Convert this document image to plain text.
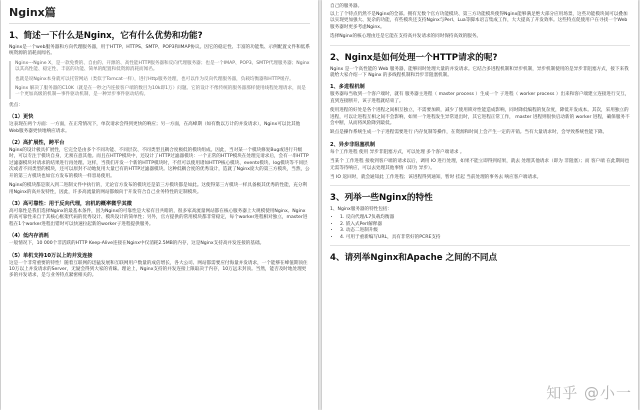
Nginx篇
1、简述一下什么是Nginx，它有什么优势和功能?

Nginx是一个web服务器和方向代理服务器，用于HTTP、HTTPS、SMTP、POP3和IMAP协议。因它的稳定性、丰富的功能集、示例配置文件和低系统资源的消耗而闻名。

Nginx---Ngine X，是一款免费的、自由的、开源的、高性能HTTP服务器和反向代理服务器；也是一个IMAP、POP3、SMTP代理服务器；Nginx以其高性能、稳定性、丰富的功能、简单的配置和低资源消耗而闻名。

也就是说Nginx本身就可以托管网站（类似于Tomcat一样），进行Http服务处理，也可以作为反向代理服务器，负载均衡器和HTTP缓存。

Nginx 解决了服务器的C10K（就是在一秒之内连接客户端的数目为10k即1万）问题。它的设计不像传统的服务器那样使用线程处理请求，而是一个更加高级的机制—事件驱动机制，是一种异步事件驱动结构。

优点：

（1）更快

这表现在两个方面：一方面，在正常情况下，单次请求会得到更快的响应；另一方面，在高峰期（如有数以万计的并发请求），Nginx可以比其他Web服务器更快地响应请求。

（2）高扩展性，跨平台

Nginx的设计极具扩展性，它完全是由多个不同功能、不同层次、不同类型且耦合度极低的模块组成。因此，当对某一个模块修复Bug或进行升级时，可以专注于模块自身，无须在意其他。而且在HTTP模块中，还设计了HTTP过滤器模块：一个正常的HTTP模块在处理完请求后，会有一串HTTP过滤器模块对请求的结果进行再处理。这样，当我们开发一个新的HTTP模块时，不但可以使用诸如HTTP核心模块、events模块、log模块等不同层次或者不同类型的模块，还可以原封不动地复用大量已有的HTTP过滤器模块。这种低耦合度的优秀设计，造就了Nginx庞大的第三方模块，当然，公开的第三方模块也如官方发布的模块一样容易使用。

Nginx的模块都是嵌入到二进制文件中执行的，无论官方发布的模块还是第三方模块都是如此。这使得第三方模块一样具备极其优秀的性能，充分利用Nginx的高并发特性，因此，许多高流量的网站都倾向于开发符合自己业务特性的定制模块。

（3）高可靠性：用于反向代理，宕机的概率微乎其微

高可靠性是我们选择Nginx的最基本条件，因为Nginx的可靠性是大家有目共睹的，很多家高流量网站都在核心服务器上大规模使用Nginx。Nginx的高可靠性来自于其核心框架代码的优秀设计、模块设计的简单性；另外，官方提供的常用模块都非常稳定，每个worker进程相对独立，master进程在1个worker进程出错时可以快速拉起新的worker子进程提供服务。

（4）低内存消耗

一般情况下，10 000个非活跃的HTTP Keep-Alive连接在Nginx中仅消耗2.5MB的内存，这是Nginx支持高并发连接的基础。

（5）单机支持10万以上的并发连接

这是一个非常重要的特性！随着互联网的迅猛发展和互联网用户数量的成倍增长，各大公司、网站都需要应付海量并发请求，一个能够在峰值期顶住10万以上并发请求的Server，无疑会得到大家的青睐。理论上，Nginx支持的并发连接上限取决于内存，10万远未封顶。当然，能否及时地处理更多的并发请求，是与业务特点紧密相关的。

自己的服务器。

以上了个特点仍然不是Nginx的全部。拥有无数个官方功能模块、第三方功能模块使得Nginx能够满足绝大部分应用场景，这些功能模块间可以叠加以实现更加强大、复杂的功能，有些模块还支持Nginx与Perl、Lua等脚本语言集成工作，大大提高了开发效率。这些特点促使用户在寻找一个Web服务器时更多考虑Nginx。

选择Nginx的核心理由还是它能在支持高并发请求的同时保持高效的服务。

2、Nginx是如何处理一个HTTP请求的呢?

Nginx 是一个高性能的 Web 服务器，能够同时处理大量的并发请求。它结合多进程机制和异步机制，异步机制使用的是异步非阻塞方式，接下来我就给大家介绍一下 Nginx 的多线程机制和异步非阻塞机制。

1、多进程机制

服务器每当收到一个客户端时，就有 服务器主进程（ master process ）生成一个 子进程（ worker process ）出来和客户端建立连接进行交互，直到连接断开，该子进程就结束了。

使用进程的好处是各个进程之间相互独立，不需要加锁，减少了使用锁对性能造成影响，同时降低编程的复杂度，降低开发成本。其次，采用独立的进程，可以让进程互相之间不会影响，如果一个进程发生异常退出时，其它进程正常工作， master 进程则很快启动新的 worker 进程，确保服务不会中断，从而将风险降到最低。

缺点是操作系统生成一个子进程需要进行 内存复制等操作，在资源和时间上会产生一定的开销。当有大量请求时，会导致系统性能下降。

2、异步非阻塞机制

每个工作进程 使用 异步非阻塞方式，可以处理 多个客户端请求 。

当某个 工作进程 接收到客户端的请求以后，调用 IO 进行处理，如果不能立即得到结果，就去 处理其他请求（即为 非阻塞）；而 客户端 在此期间也 无需等待响应，可以去处理其他事情（即为 异步）。

当 IO 返回时，就会通知此 工作进程；该进程得到通知，暂时 挂起 当前处理的事务去 响应客户端请求。

3、列举一些Nginx的特性

1、Nginx服务器的特性包括：

• 1. 反向代理/L7负载均衡器
• 2. 嵌入式Perl解释器
• 3. 动态二进制升级
• 4. 可用于重新编写URL，具有非常好的PCRE支持
4、请列举Nginx和Apache 之间的不同点
知乎 @小一
